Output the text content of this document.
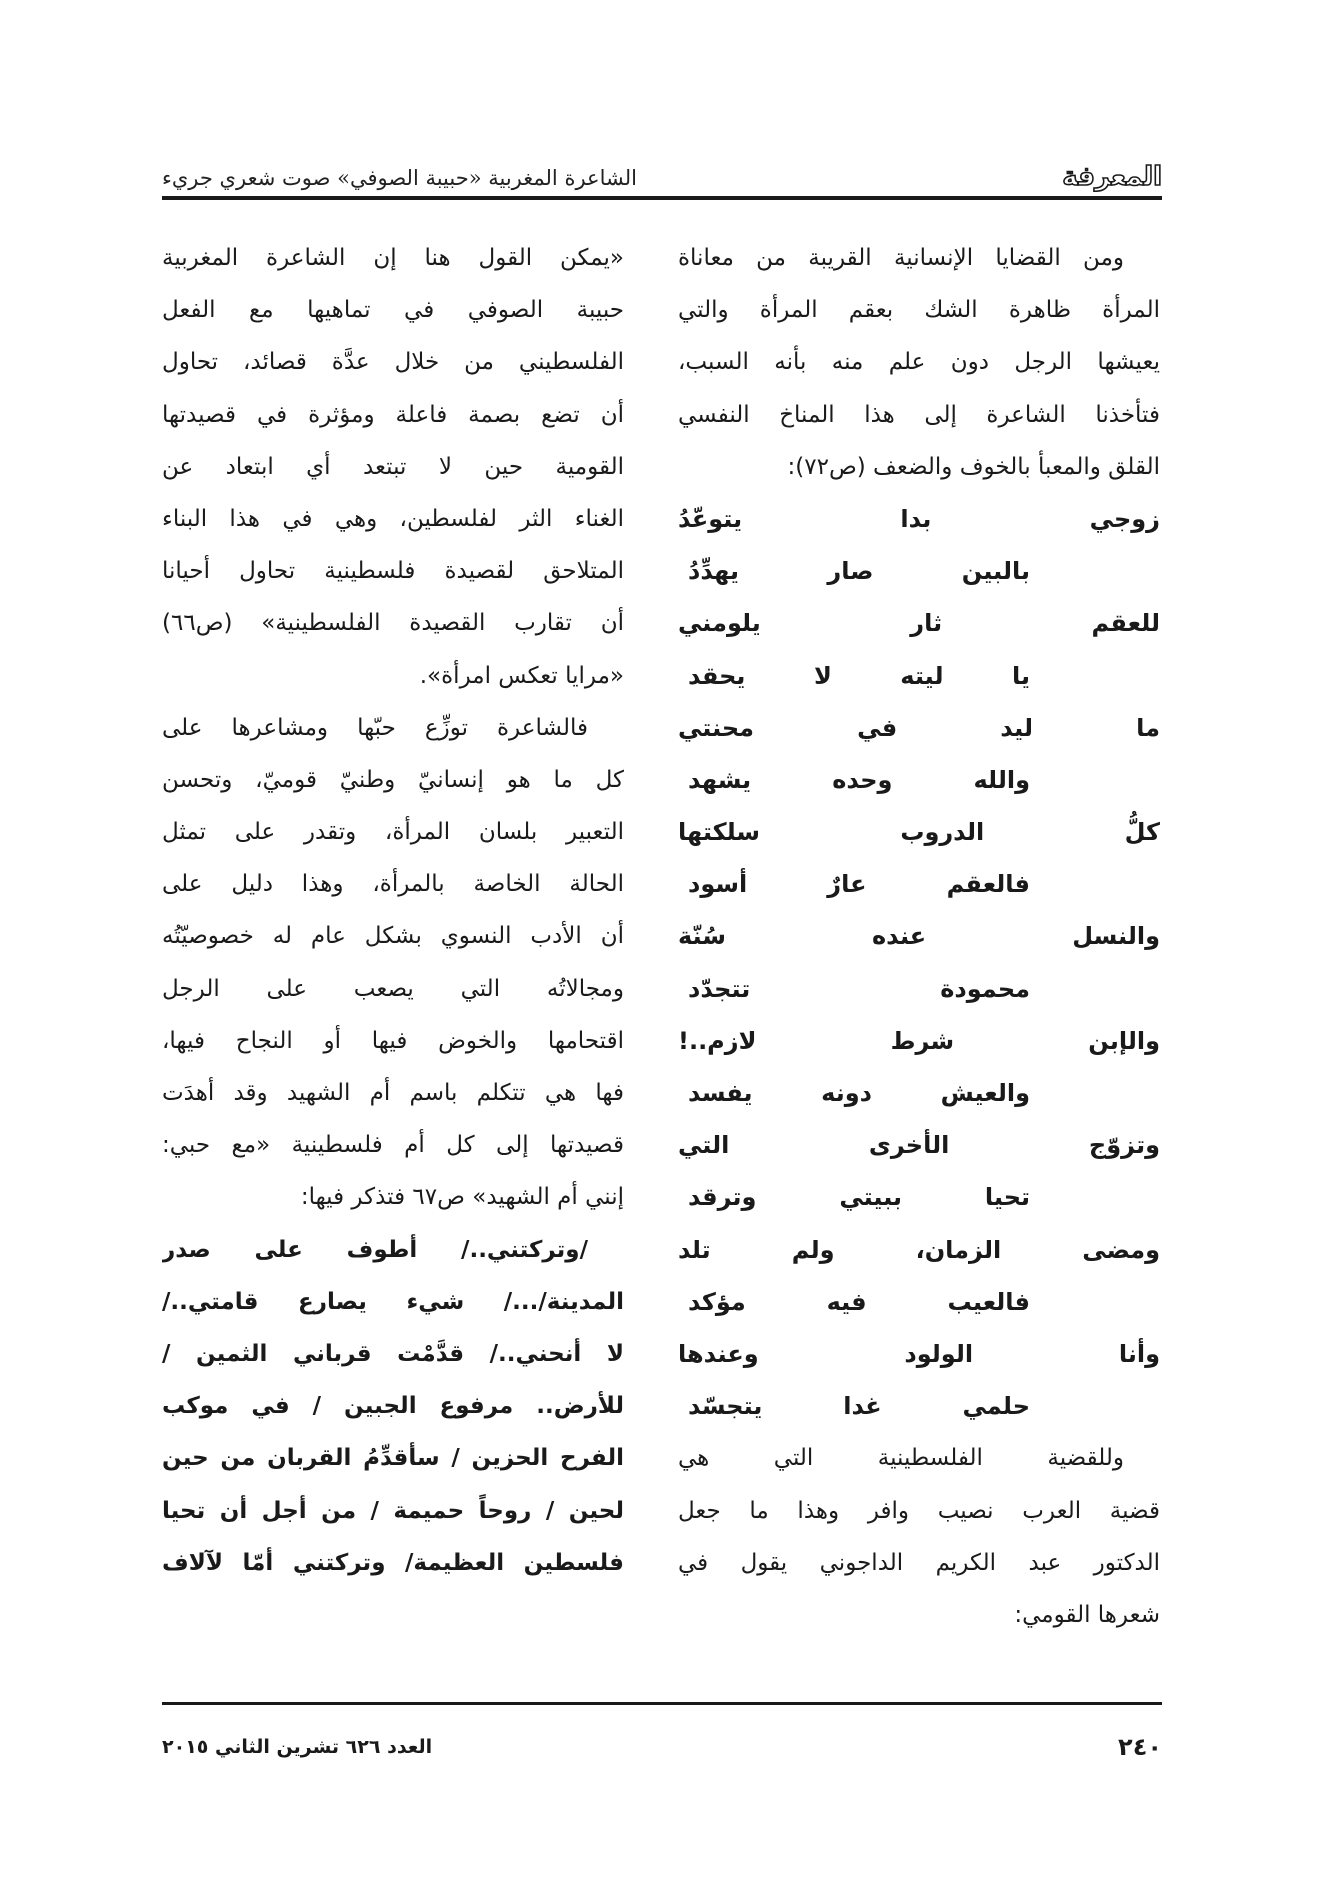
المعرفة
الشاعرة المغربية «حبيبة الصوفي» صوت شعري جريء
ومن القضايا الإنسانية القريبة من معاناة
المرأة ظاهرة الشك بعقم المرأة والتي
يعيشها الرجل دون علم منه بأنه السبب،
فتأخذنا الشاعرة إلى هذا المناخ النفسي
القلق والمعبأ بالخوف والضعف (ص٧٢):
زوجي بدا يتوعّدُ
بالبين صار يهدِّدُ
للعقم ثار يلومني
يا ليته لا يحقد
ما ليد في محنتي
والله وحده يشهد
كلُّ الدروب سلكتها
فالعقم عارٌ أسود
والنسل عنده سُنّة
محمودة تتجدّد
والإبن شرط لازم..!
والعيش دونه يفسد
وتزوّج الأخرى التي
تحيا ببيتي وترقد
ومضى الزمان، ولم تلد
فالعيب فيه مؤكد
وأنا الولود وعندها
حلمي غدا يتجسّد
وللقضية الفلسطينية التي هي
قضية العرب نصيب وافر وهذا ما جعل
الدكتور عبد الكريم الداجوني يقول في
شعرها القومي:
«يمكن القول هنا إن الشاعرة المغربية
حبيبة الصوفي في تماهيها مع الفعل
الفلسطيني من خلال عدَّة قصائد، تحاول
أن تضع بصمة فاعلة ومؤثرة في قصيدتها
القومية حين لا تبتعد أي ابتعاد عن
الغناء الثر لفلسطين، وهي في هذا البناء
المتلاحق لقصيدة فلسطينية تحاول أحيانا
أن تقارب القصيدة الفلسطينية» (ص٦٦)
«مرايا تعكس امرأة».
فالشاعرة توزِّع حبّها ومشاعرها على
كل ما هو إنسانيّ وطنيّ قوميّ، وتحسن
التعبير بلسان المرأة، وتقدر على تمثل
الحالة الخاصة بالمرأة، وهذا دليل على
أن الأدب النسوي بشكل عام له خصوصيّتُه
ومجالاتُه التي يصعب على الرجل
اقتحامها والخوض فيها أو النجاح فيها،
فها هي تتكلم باسم أم الشهيد وقد أهدَت
قصيدتها إلى كل أم فلسطينية «مع حبي:
إنني أم الشهيد» ص٦٧ فتذكر فيها:
/وتركتني../ أطوف على صدر
المدينة/.../ شيء يصارع قامتي../
لا أنحني../ قدَّمْت قرباني الثمين /
للأرض.. مرفوع الجبين / في موكب
الفرح الحزين / سأقدِّمُ القربان من حين
لحين / روحاً حميمة / من أجل أن تحيا
فلسطين العظيمة/ وتركتني أمّا لآلاف
٢٤٠
العدد ٦٢٦ تشرين الثاني ٢٠١٥
